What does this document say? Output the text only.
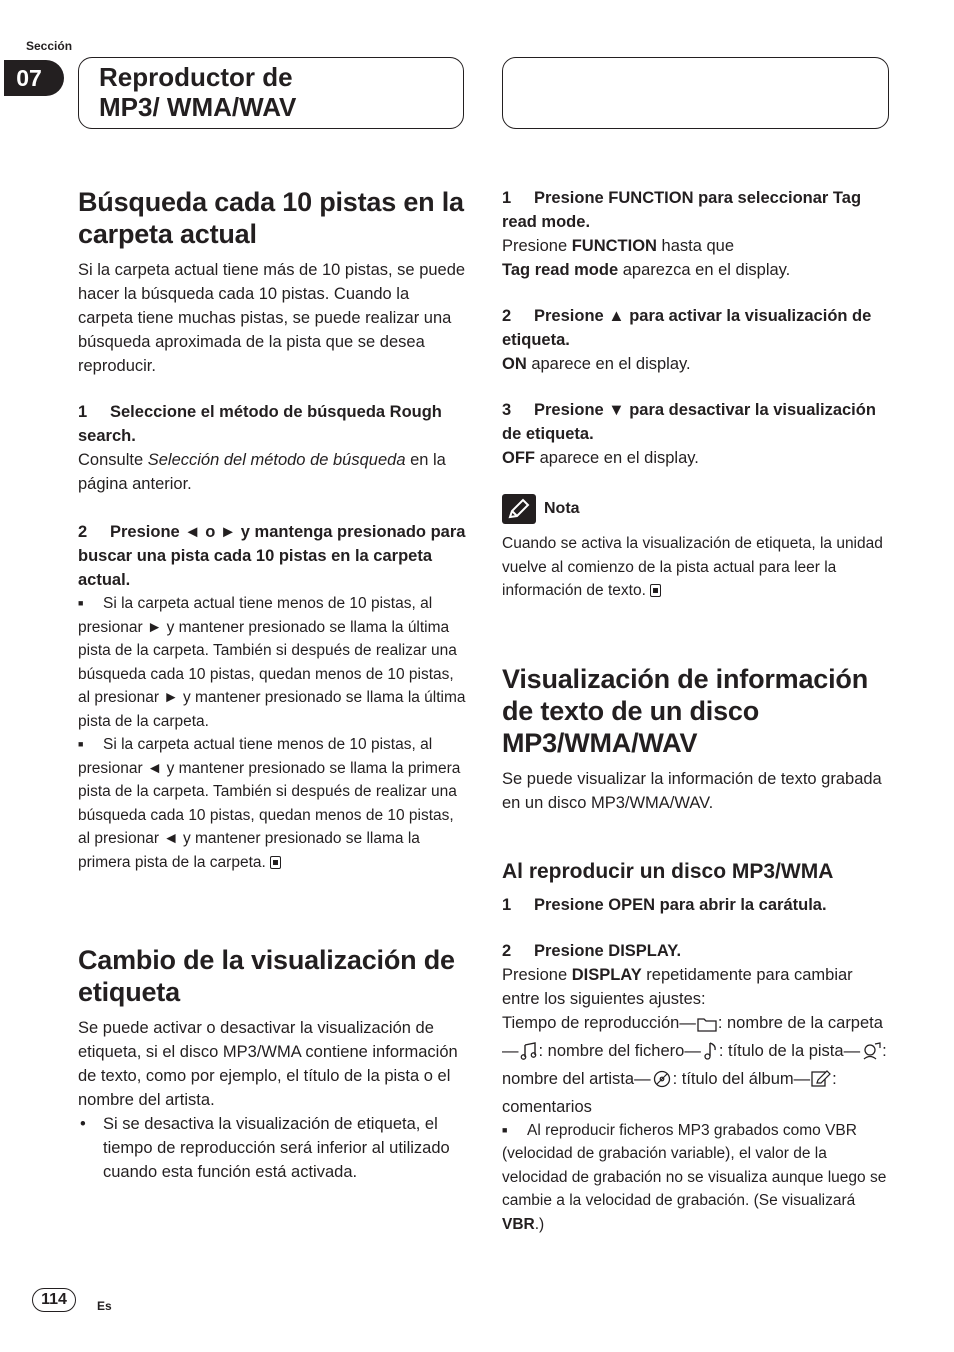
Sección
07	Reproductor de MP3/ WMA/WAV
Búsqueda cada 10 pistas en la carpeta actual

Si la carpeta actual tiene más de 10 pistas, se puede hacer la búsqueda cada 10 pistas. Cuando la carpeta tiene muchas pistas, se puede realizar una búsqueda aproximada de la pista que se desea reproducir.

1 Seleccione el método de búsqueda Rough search.

Consulte Selección del método de búsqueda en la página anterior.

2 Presione ◄ o ► y mantenga presionado para buscar una pista cada 10 pistas en la carpeta actual.

■ Si la carpeta actual tiene menos de 10 pistas, al presionar ► y mantener presionado se llama la última pista de la carpeta. También si después de realizar una búsqueda cada 10 pistas, quedan menos de 10 pistas, al presionar ► y mantener presionado se llama la última pista de la carpeta.

■ Si la carpeta actual tiene menos de 10 pistas, al presionar ◄ y mantener presionado se llama la primera pista de la carpeta. También si después de realizar una búsqueda cada 10 pistas, quedan menos de 10 pistas, al presionar ◄ y mantener presionado se llama la primera pista de la carpeta.

Cambio de la visualización de etiqueta

Se puede activar o desactivar la visualización de etiqueta, si el disco MP3/WMA contiene información de texto, como por ejemplo, el título de la pista o el nombre del artista.

• Si se desactiva la visualización de etiqueta, el tiempo de reproducción será inferior al utilizado cuando esta función está activada.

1 Presione FUNCTION para seleccionar Tag read mode.

Presione FUNCTION hasta que
Tag read mode aparezca en el display.

2 Presione ▲ para activar la visualización de etiqueta.

ON aparece en el display.

3 Presione ▼ para desactivar la visualización de etiqueta.

OFF aparece en el display.

Nota

Cuando se activa la visualización de etiqueta, la unidad vuelve al comienzo de la pista actual para leer la información de texto.

Visualización de información de texto de un disco MP3/WMA/WAV

Se puede visualizar la información de texto grabada en un disco MP3/WMA/WAV.

Al reproducir un disco MP3/WMA

1 Presione OPEN para abrir la carátula.

2 Presione DISPLAY.

Presione DISPLAY repetidamente para cambiar entre los siguientes ajustes:

Tiempo de reproducción— : nombre de la carpeta— : nombre del fichero— : título de la pista— : nombre del artista— : título del álbum— : comentarios

■ Al reproducir ficheros MP3 grabados como VBR (velocidad de grabación variable), el valor de la velocidad de grabación no se visualiza aunque luego se cambie a la velocidad de grabación. (Se visualizará VBR.)

114	Es
